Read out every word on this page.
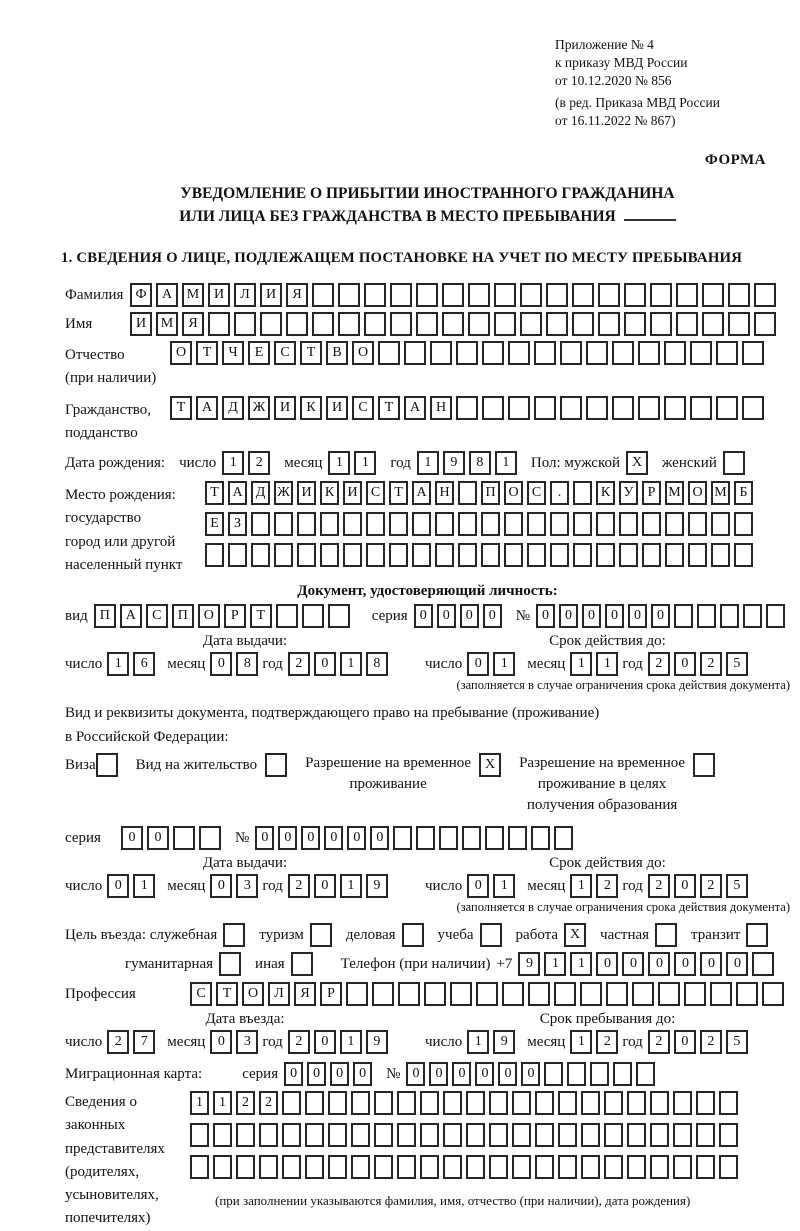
Приложение № 4
к приказу МВД России
от 10.12.2020 № 856
(в ред. Приказа МВД России
от 16.11.2022 № 867)
ФОРМА
УВЕДОМЛЕНИЕ О ПРИБЫТИИ ИНОСТРАННОГО ГРАЖДАНИНА
ИЛИ ЛИЦА БЕЗ ГРАЖДАНСТВА В МЕСТО ПРЕБЫВАНИЯ
1. СВЕДЕНИЯ О ЛИЦЕ, ПОДЛЕЖАЩЕМ ПОСТАНОВКЕ НА УЧЕТ ПО МЕСТУ ПРЕБЫВАНИЯ
Фамилия Ф	А	М	И	Л	И	Я
Имя	И	М	Я
Отчество
(при наличии)
О	Т	Ч	Е	С	Т	В	О
Гражданство,
подданство
Т	А	Д	Ж	И	К	И	С	Т	А	Н
Дата рождения: число 1	2	месяц 1	1	год 1	9	8	1	Пол: мужской X	женский
Место рождения:
государство
город или другой
населенный пункт
Т А Д Ж И К И С	Т А Н	П О С	.	К У	Р М О М Б

Е	З

Документ, удостоверяющий личность:
вид П	А	С	П	О	Р	Т	серия 0	0	0	0	№ 0	0	0	0	0	0
Дата выдачи:	Срок действия до:
число 1	6	месяц 0	8 год 2	0	1	8	число 0	1	месяц 1	1 год 2	0	2	5
(заполняется в случае ограничения срока действия документа)
Вид и реквизиты документа, подтверждающего право на пребывание (проживание)
в Российской Федерации:
Виза	Вид на жительство	Разрешение на временное
проживание
X	Разрешение на временное
проживание в целях
получения образования
серия	0	0	№ 0	0	0	0	0	0
Дата выдачи:	Срок действия до:
число 0	1	месяц 0	3 год 2	0	1	9	число 0	1	месяц 1	2 год 2	0	2	5
(заполняется в случае ограничения срока действия документа)
Цель въезда: служебная	туризм	деловая	учеба	работа X	частная	транзит
гуманитарная	иная	Телефон (при наличии) +7 9	1	1	0	0	0	0	0	0
Профессия	С	Т	О	Л	Я	Р
Дата въезда:	Срок пребывания до:
число 2	7	месяц 0	3 год 2	0	1	9	число 1	9	месяц 1	2 год 2	0	2	5
Миграционная карта:	серия 0	0	0	0	№ 0	0	0	0	0	0
Сведения о
законных
представителях
(родителях,
усыновителях,
попечителях)
1	1	2	2
(при заполнении указываются фамилия, имя, отчество (при наличии), дата рождения)
